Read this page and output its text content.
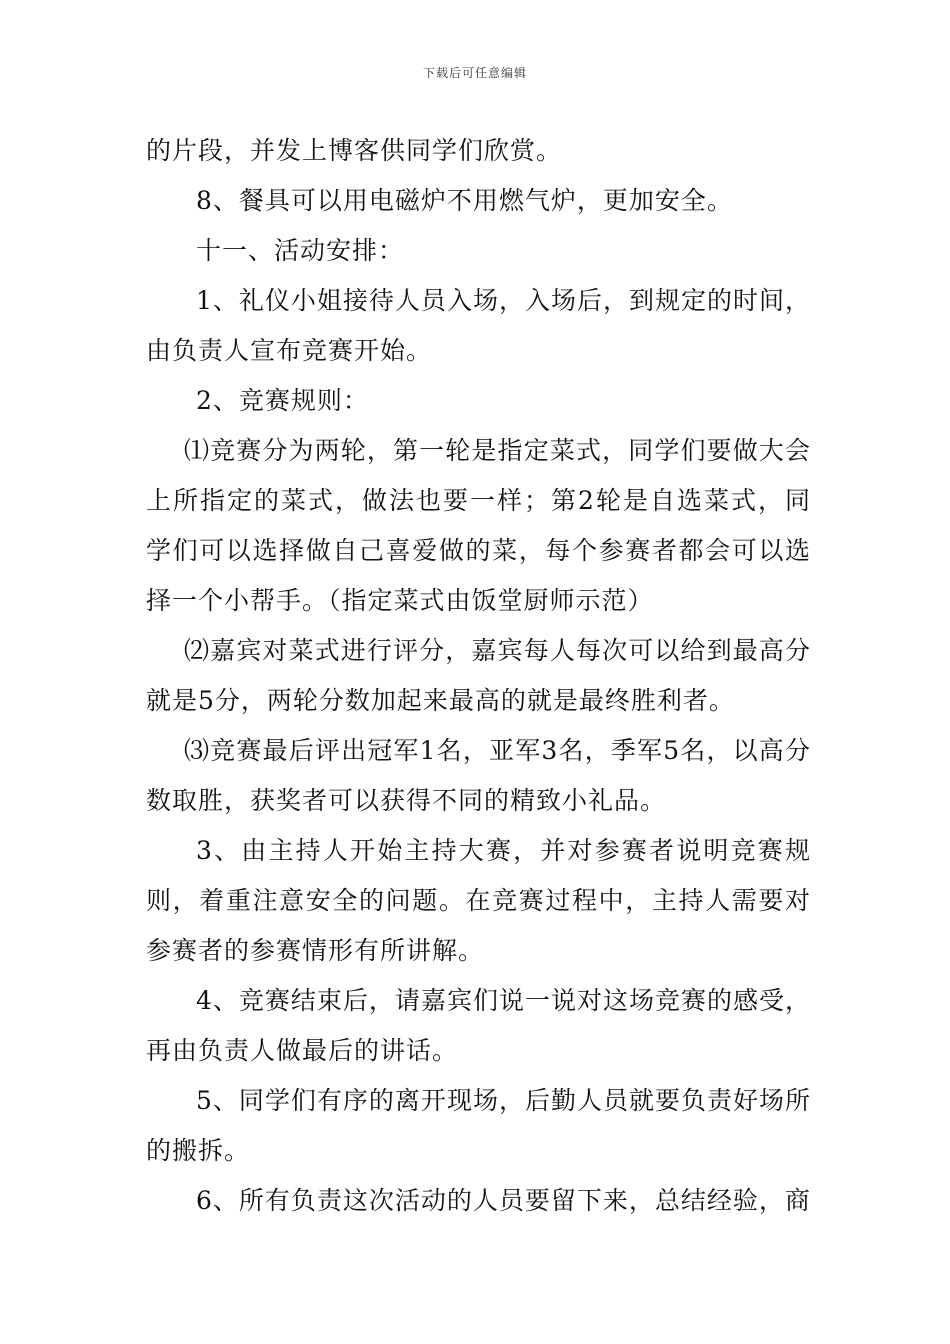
下载后可任意编辑

的片段，并发上博客供同学们欣赏。

8、餐具可以用电磁炉不用燃气炉，更加安全。

十一、活动安排：

1、礼仪小姐接待人员入场，入场后，到规定的时间，由负责人宣布竞赛开始。

2、竞赛规则：

⑴竞赛分为两轮，第一轮是指定菜式，同学们要做大会上所指定的菜式，做法也要一样；第2轮是自选菜式，同学们可以选择做自己喜爱做的菜，每个参赛者都会可以选择一个小帮手。（指定菜式由饭堂厨师示范）

⑵嘉宾对菜式进行评分，嘉宾每人每次可以给到最高分就是5分，两轮分数加起来最高的就是最终胜利者。

⑶竞赛最后评出冠军1名，亚军3名，季军5名，以高分数取胜，获奖者可以获得不同的精致小礼品。

3、由主持人开始主持大赛，并对参赛者说明竞赛规则，着重注意安全的问题。在竞赛过程中，主持人需要对参赛者的参赛情形有所讲解。

4、竞赛结束后，请嘉宾们说一说对这场竞赛的感受，再由负责人做最后的讲话。

5、同学们有序的离开现场，后勤人员就要负责好场所的搬拆。

6、所有负责这次活动的人员要留下来，总结经验，商
